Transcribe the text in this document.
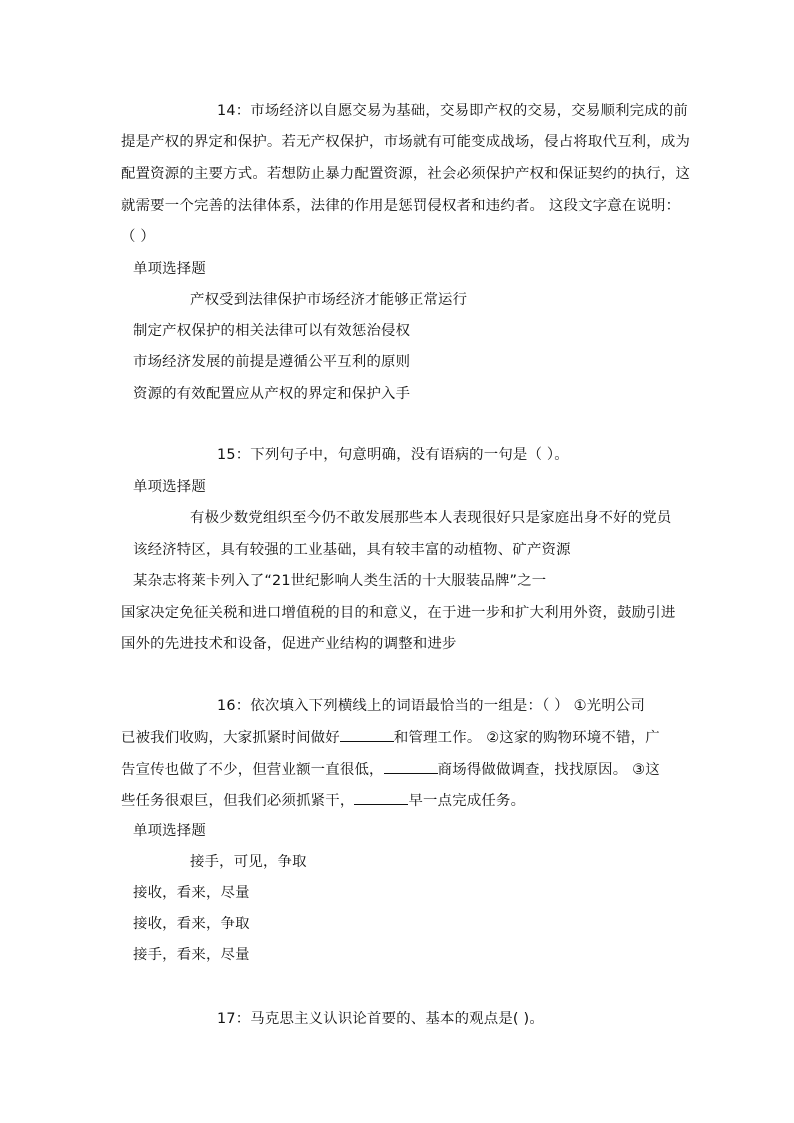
14：市场经济以自愿交易为基础，交易即产权的交易，交易顺利完成的前
提是产权的界定和保护。若无产权保护，市场就有可能变成战场，侵占将取代互利，成为
配置资源的主要方式。若想防止暴力配置资源，社会必须保护产权和保证契约的执行，这
就需要一个完善的法律体系，法律的作用是惩罚侵权者和违约者。 这段文字意在说明：
（ ）
单项选择题
产权受到法律保护市场经济才能够正常运行
制定产权保护的相关法律可以有效惩治侵权
市场经济发展的前提是遵循公平互利的原则
资源的有效配置应从产权的界定和保护入手
15：下列句子中，句意明确，没有语病的一句是（ ）。
单项选择题
有极少数党组织至今仍不敢发展那些本人表现很好只是家庭出身不好的党员
该经济特区，具有较强的工业基础，具有较丰富的动植物、矿产资源
某杂志将莱卡列入了“21世纪影响人类生活的十大服装品牌”之一
国家决定免征关税和进口增值税的目的和意义，在于进一步和扩大利用外资，鼓励引进
国外的先进技术和设备，促进产业结构的调整和进步
16：依次填入下列横线上的词语最恰当的一组是：（ ） ①光明公司
已被我们收购，大家抓紧时间做好	和管理工作。 ②这家的购物环境不错，广
告宣传也做了不少，但营业额一直很低，	商场得做做调查，找找原因。 ③这
些任务很艰巨，但我们必须抓紧干，	早一点完成任务。
单项选择题
接手，可见，争取
接收，看来，尽量
接收，看来，争取
接手，看来，尽量
17：马克思主义认识论首要的、基本的观点是( )。
